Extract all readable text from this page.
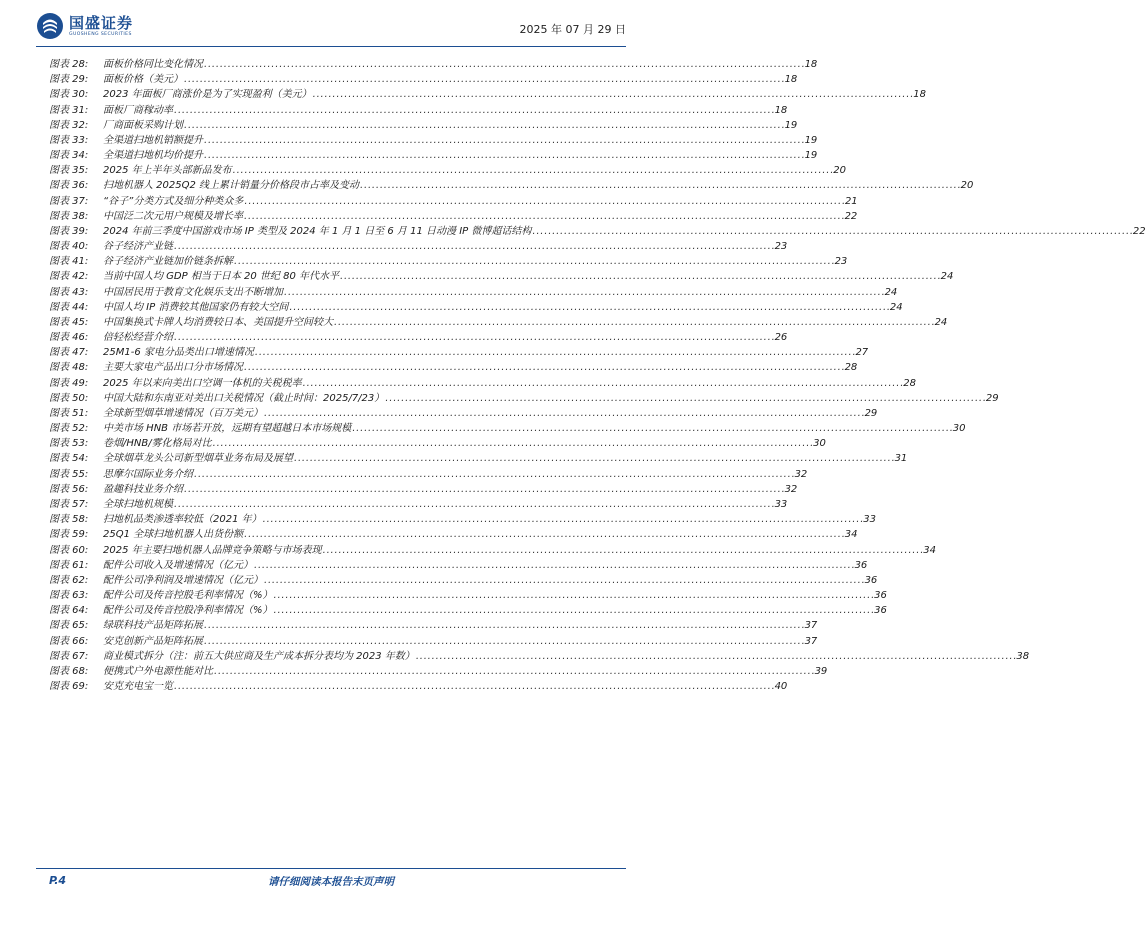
国盛证券
GUOSHENG SECURITIES	2025 年 07 月 29 日
图表 28:	面板价格同比变化情况 . . .	18
图表 29:	面板价格（美元） . . .	18
图表 30:	2023 年面板厂商涨价是为了实现盈利（美元） . . .	18
图表 31:	面板厂商稼动率 . . .	18
图表 32:	厂商面板采购计划 . . .	19
图表 33:	全渠道扫地机销额提升 . . .	19
图表 34:	全渠道扫地机均价提升 . . .	19
图表 35:	2025 年上半年头部新品发布 . . .	20
图表 36:	扫地机器人 2025Q2 线上累计销量分价格段市占率及变动 . . .	20
图表 37:	“谷子”分类方式及细分种类众多 . . .	21
图表 38:	中国泛二次元用户规模及增长率 . . .	22
图表 39:	2024 年前三季度中国游戏市场 IP 类型及 2024 年 1 月 1 日至 6 月 11 日动漫 IP 微博超话结构 . . .	22
图表 40:	谷子经济产业链 . . .	23
图表 41:	谷子经济产业链加价链条拆解 . . .	23
图表 42:	当前中国人均 GDP 相当于日本 20 世纪 80 年代水平 . . .	24
图表 43:	中国居民用于教育文化娱乐支出不断增加 . . .	24
图表 44:	中国人均 IP 消费较其他国家仍有较大空间 . . .	24
图表 45:	中国集换式卡牌人均消费较日本、美国提升空间较大 . . .	24
图表 46:	倍轻松经营介绍 . . .	26
图表 47:	25M1-6 家电分品类出口增速情况 . . .	27
图表 48:	主要大家电产品出口分市场情况 . . .	28
图表 49:	2025 年以来向美出口空调一体机的关税税率 . . .	28
图表 50:	中国大陆和东南亚对美出口关税情况（截止时间：2025/7/23） . . .	29
图表 51:	全球新型烟草增速情况（百万美元） . . .	29
图表 52:	中美市场 HNB 市场若开放，远期有望超越日本市场规模 . . .	30
图表 53:	卷烟/HNB/雾化格局对比 . . .	30
图表 54:	全球烟草龙头公司新型烟草业务布局及展望 . . .	31
图表 55:	思摩尔国际业务介绍 . . .	32
图表 56:	盈趣科技业务介绍 . . .	32
图表 57:	全球扫地机规模 . . .	33
图表 58:	扫地机品类渗透率较低（2021 年） . . .	33
图表 59:	25Q1 全球扫地机器人出货份额 . . .	34
图表 60:	2025 年主要扫地机器人品牌竞争策略与市场表现 . . .	34
图表 61:	配件公司收入及增速情况（亿元） . . .	36
图表 62:	配件公司净利润及增速情况（亿元） . . .	36
图表 63:	配件公司及传音控股毛利率情况（%） . . .	36
图表 64:	配件公司及传音控股净利率情况（%） . . .	36
图表 65:	绿联科技产品矩阵拓展 . . .	37
图表 66:	安克创新产品矩阵拓展 . . .	37
图表 67:	商业模式拆分（注：前五大供应商及生产成本拆分表均为 2023 年数） . . .	38
图表 68:	便携式户外电源性能对比 . . .	39
图表 69:	安克充电宝一览 . . .	40
P.4	请仔细阅读本报告末页声明
